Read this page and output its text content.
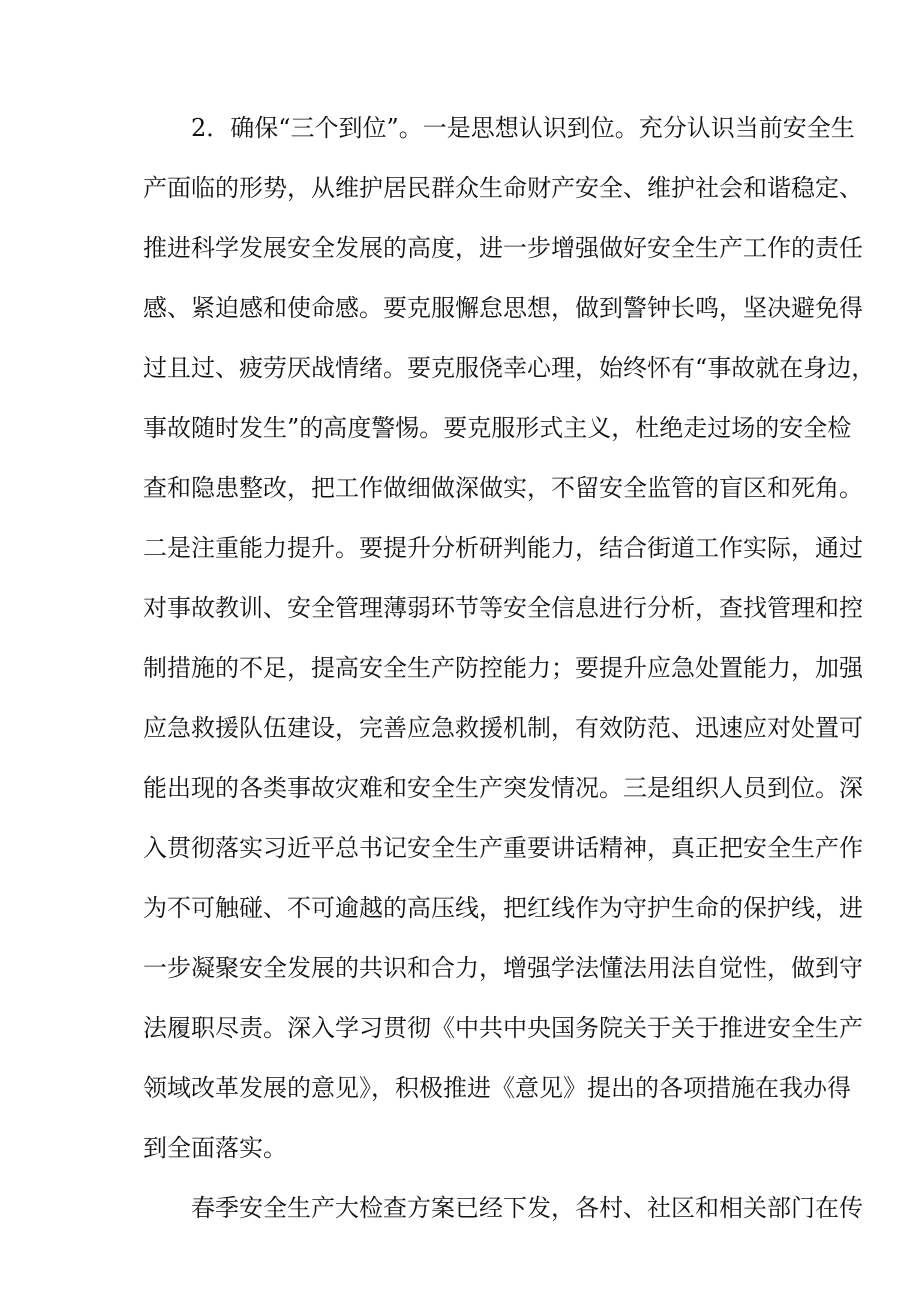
2．确保“三个到位”。一是思想认识到位。充分认识当前安全生
产面临的形势，从维护居民群众生命财产安全、维护社会和谐稳定、
推进科学发展安全发展的高度，进一步增强做好安全生产工作的责任
感、紧迫感和使命感。要克服懈怠思想，做到警钟长鸣，坚决避免得
过且过、疲劳厌战情绪。要克服侥幸心理，始终怀有“事故就在身边，
事故随时发生”的高度警惕。要克服形式主义，杜绝走过场的安全检
查和隐患整改，把工作做细做深做实，不留安全监管的盲区和死角。
二是注重能力提升。要提升分析研判能力，结合街道工作实际，通过
对事故教训、安全管理薄弱环节等安全信息进行分析，查找管理和控
制措施的不足，提高安全生产防控能力；要提升应急处置能力，加强
应急救援队伍建设，完善应急救援机制，有效防范、迅速应对处置可
能出现的各类事故灾难和安全生产突发情况。三是组织人员到位。深
入贯彻落实习近平总书记安全生产重要讲话精神，真正把安全生产作
为不可触碰、不可逾越的高压线，把红线作为守护生命的保护线，进
一步凝聚安全发展的共识和合力，增强学法懂法用法自觉性，做到守
法履职尽责。深入学习贯彻《中共中央国务院关于关于推进安全生产
领域改革发展的意见》，积极推进《意见》提出的各项措施在我办得
到全面落实。
春季安全生产大检查方案已经下发，各村、社区和相关部门在传
